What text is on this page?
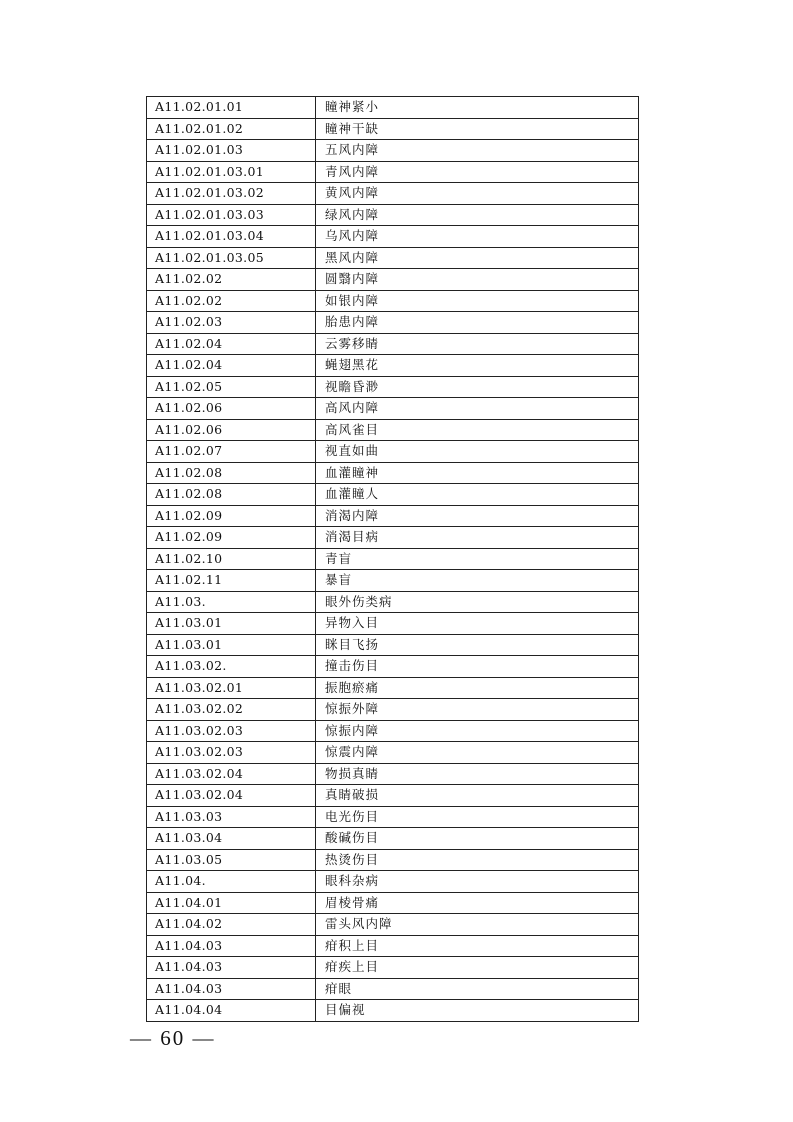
A11.02.01.01	瞳神紧小
A11.02.01.02	瞳神干缺
A11.02.01.03	五风内障
A11.02.01.03.01	青风内障
A11.02.01.03.02	黄风内障
A11.02.01.03.03	绿风内障
A11.02.01.03.04	乌风内障
A11.02.01.03.05	黑风内障
A11.02.02	圆翳内障
A11.02.02	如银内障
A11.02.03	胎患内障
A11.02.04	云雾移睛
A11.02.04	蝇翅黑花
A11.02.05	视瞻昏渺
A11.02.06	高风内障
A11.02.06	高风雀目
A11.02.07	视直如曲
A11.02.08	血灌瞳神
A11.02.08	血灌瞳人
A11.02.09	消渴内障
A11.02.09	消渴目病
A11.02.10	青盲
A11.02.11	暴盲
A11.03.	眼外伤类病
A11.03.01	异物入目
A11.03.01	眯目飞扬
A11.03.02.	撞击伤目
A11.03.02.01	振胞瘀痛
A11.03.02.02	惊振外障
A11.03.02.03	惊振内障
A11.03.02.03	惊震内障
A11.03.02.04	物损真睛
A11.03.02.04	真睛破损
A11.03.03	电光伤目
A11.03.04	酸碱伤目
A11.03.05	热烫伤目
A11.04.	眼科杂病
A11.04.01	眉棱骨痛
A11.04.02	雷头风内障
A11.04.03	疳积上目
A11.04.03	疳疾上目
A11.04.03	疳眼
A11.04.04	目偏视
— 60 —
